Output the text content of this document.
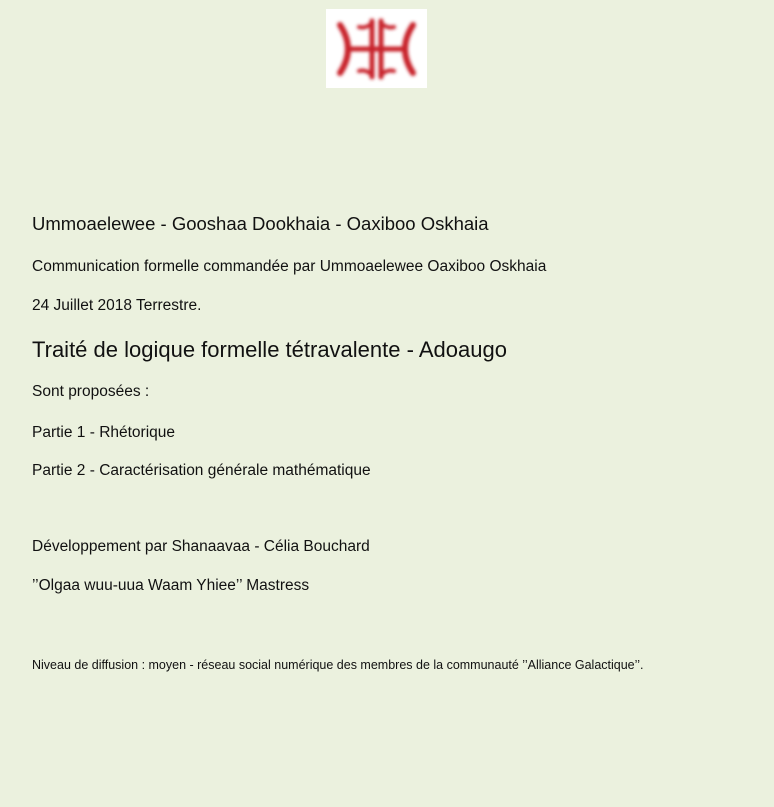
Ummoaelewee - Gooshaa Dookhaia - Oaxiboo Oskhaia

Communication formelle commandée par Ummoaelewee Oaxiboo Oskhaia

24 Juillet 2018 Terrestre.

Traité de logique formelle tétravalente - Adoaugo

Sont proposées :

Partie 1 - Rhétorique

Partie 2 - Caractérisation générale mathématique

Développement par Shanaavaa - Célia Bouchard

’’Olgaa wuu-uua Waam Yhiee’’ Mastress

Niveau de diffusion : moyen - réseau social numérique des membres de la communauté ’’Alliance Galactique’’.
